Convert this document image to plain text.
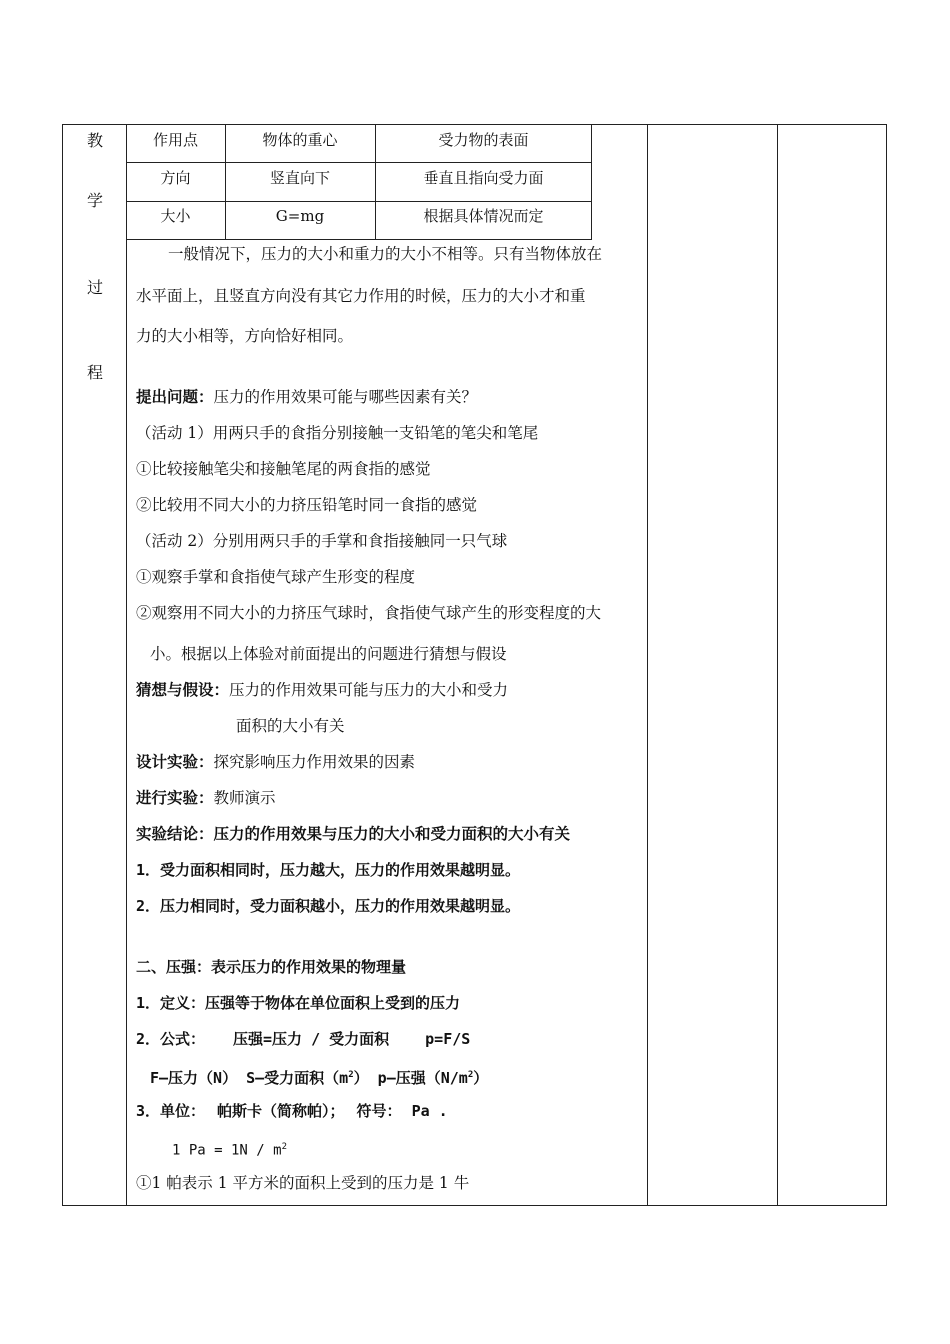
教
学
过
程
作用点	物体的重心	受力物的表面
方向	竖直向下	垂直且指向受力面
大小	G=mg	根据具体情况而定
一般情况下，压力的大小和重力的大小不相等。只有当物体放在
水平面上，且竖直方向没有其它力作用的时候，压力的大小才和重
力的大小相等，方向恰好相同。
提出问题：压力的作用效果可能与哪些因素有关？
（活动 1）用两只手的食指分别接触一支铅笔的笔尖和笔尾
①比较接触笔尖和接触笔尾的两食指的感觉
②比较用不同大小的力挤压铅笔时同一食指的感觉
（活动 2）分别用两只手的手掌和食指接触同一只气球
①观察手掌和食指使气球产生形变的程度
②观察用不同大小的力挤压气球时，食指使气球产生的形变程度的大
小。根据以上体验对前面提出的问题进行猜想与假设
猜想与假设：压力的作用效果可能与压力的大小和受力
面积的大小有关
设计实验：探究影响压力作用效果的因素
进行实验：教师演示
实验结论：压力的作用效果与压力的大小和受力面积的大小有关
1．受力面积相同时，压力越大，压力的作用效果越明显。
2．压力相同时，受力面积越小，压力的作用效果越明显。
二、压强：表示压力的作用效果的物理量
1．定义：压强等于物体在单位面积上受到的压力
2．公式： 压强=压力 / 受力面积 p=F/S
F—压力（N） S—受力面积$(m^2)$ p—压强$(N/m^2)$
3．单位： 帕斯卡（简称帕）； 符号： Pa .
1 $Pa = 1N / m^2$
①1 帕表示 1 平方米的面积上受到的压力是 1 牛
